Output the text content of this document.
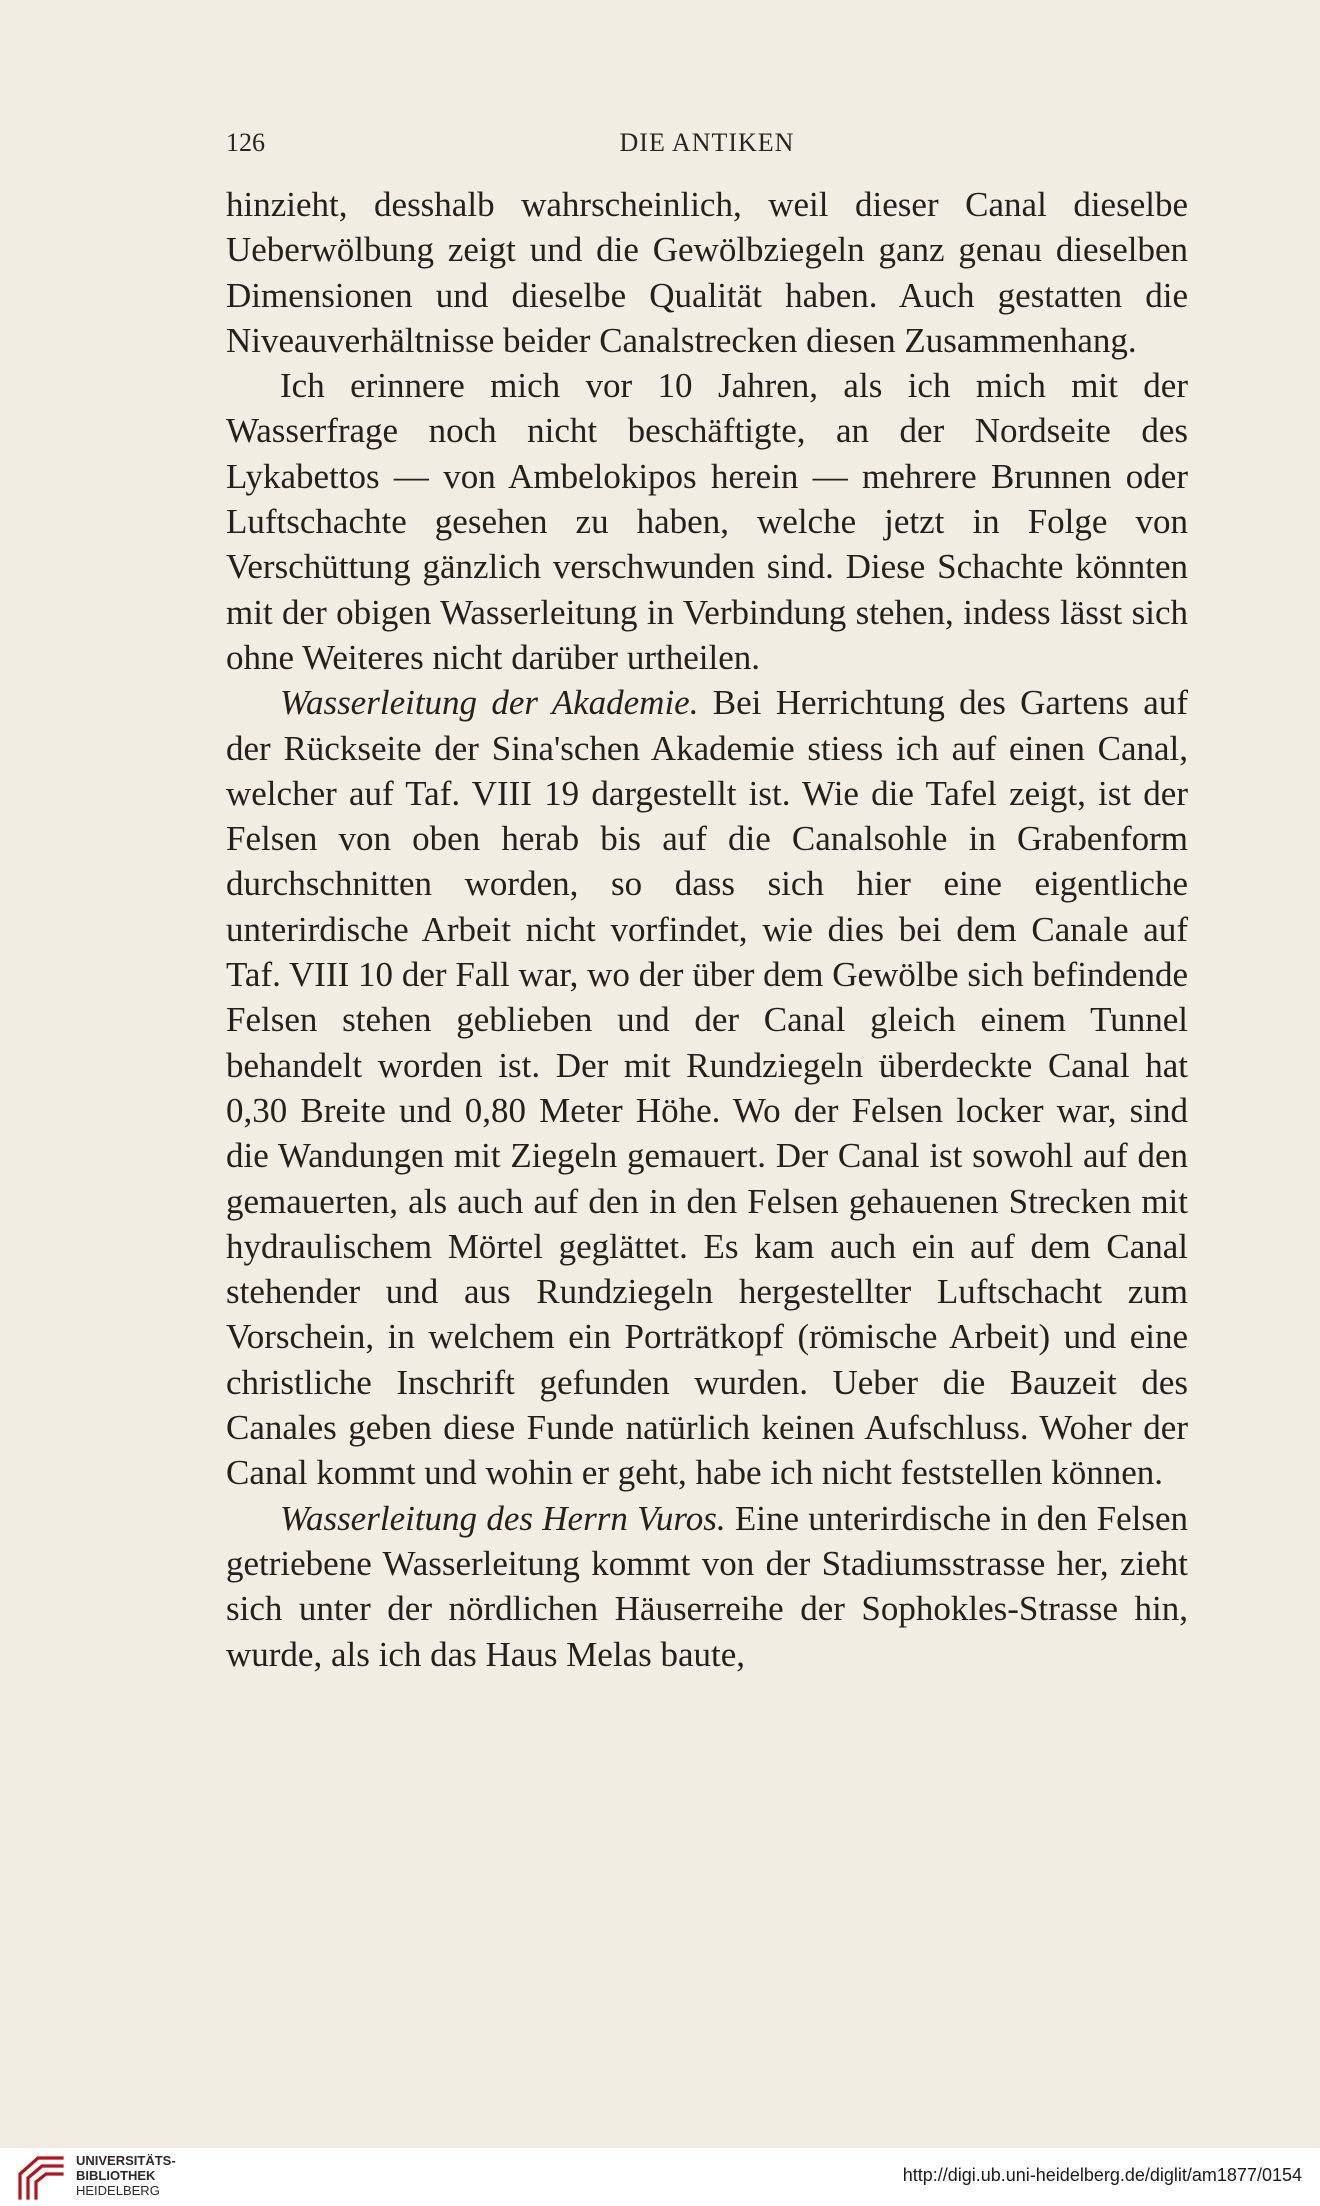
126	DIE ANTIKEN

hinzieht, desshalb wahrscheinlich, weil dieser Canal dieselbe Ueberwölbung zeigt und die Gewölbziegeln ganz genau dieselben Dimensionen und dieselbe Qualität haben. Auch gestatten die Niveauverhältnisse beider Canalstrecken diesen Zusammenhang.

Ich erinnere mich vor 10 Jahren, als ich mich mit der Wasserfrage noch nicht beschäftigte, an der Nordseite des Lykabettos — von Ambelokipos herein — mehrere Brunnen oder Luftschachte gesehen zu haben, welche jetzt in Folge von Verschüttung gänzlich verschwunden sind. Diese Schachte könnten mit der obigen Wasserleitung in Verbindung stehen, indess lässt sich ohne Weiteres nicht darüber urtheilen.

Wasserleitung der Akademie. Bei Herrichtung des Gartens auf der Rückseite der Sina'schen Akademie stiess ich auf einen Canal, welcher auf Taf. VIII 19 dargestellt ist. Wie die Tafel zeigt, ist der Felsen von oben herab bis auf die Canalsohle in Grabenform durchschnitten worden, so dass sich hier eine eigentliche unterirdische Arbeit nicht vorfindet, wie dies bei dem Canale auf Taf. VIII 10 der Fall war, wo der über dem Gewölbe sich befindende Felsen stehen geblieben und der Canal gleich einem Tunnel behandelt worden ist. Der mit Rundziegeln überdeckte Canal hat 0,30 Breite und 0,80 Meter Höhe. Wo der Felsen locker war, sind die Wandungen mit Ziegeln gemauert. Der Canal ist sowohl auf den gemauerten, als auch auf den in den Felsen gehauenen Strecken mit hydraulischem Mörtel geglättet. Es kam auch ein auf dem Canal stehender und aus Rundziegeln hergestellter Luftschacht zum Vorschein, in welchem ein Porträtkopf (römische Arbeit) und eine christliche Inschrift gefunden wurden. Ueber die Bauzeit des Canales geben diese Funde natürlich keinen Aufschluss. Woher der Canal kommt und wohin er geht, habe ich nicht feststellen können.

Wasserleitung des Herrn Vuros. Eine unterirdische in den Felsen getriebene Wasserleitung kommt von der Stadiumsstrasse her, zieht sich unter der nördlichen Häuserreihe der Sophokles-Strasse hin, wurde, als ich das Haus Melas baute,

UNIVERSITÄTS-
BIBLIOTHEK
HEIDELBERG
http://digi.ub.uni-heidelberg.de/diglit/am1877/0154
